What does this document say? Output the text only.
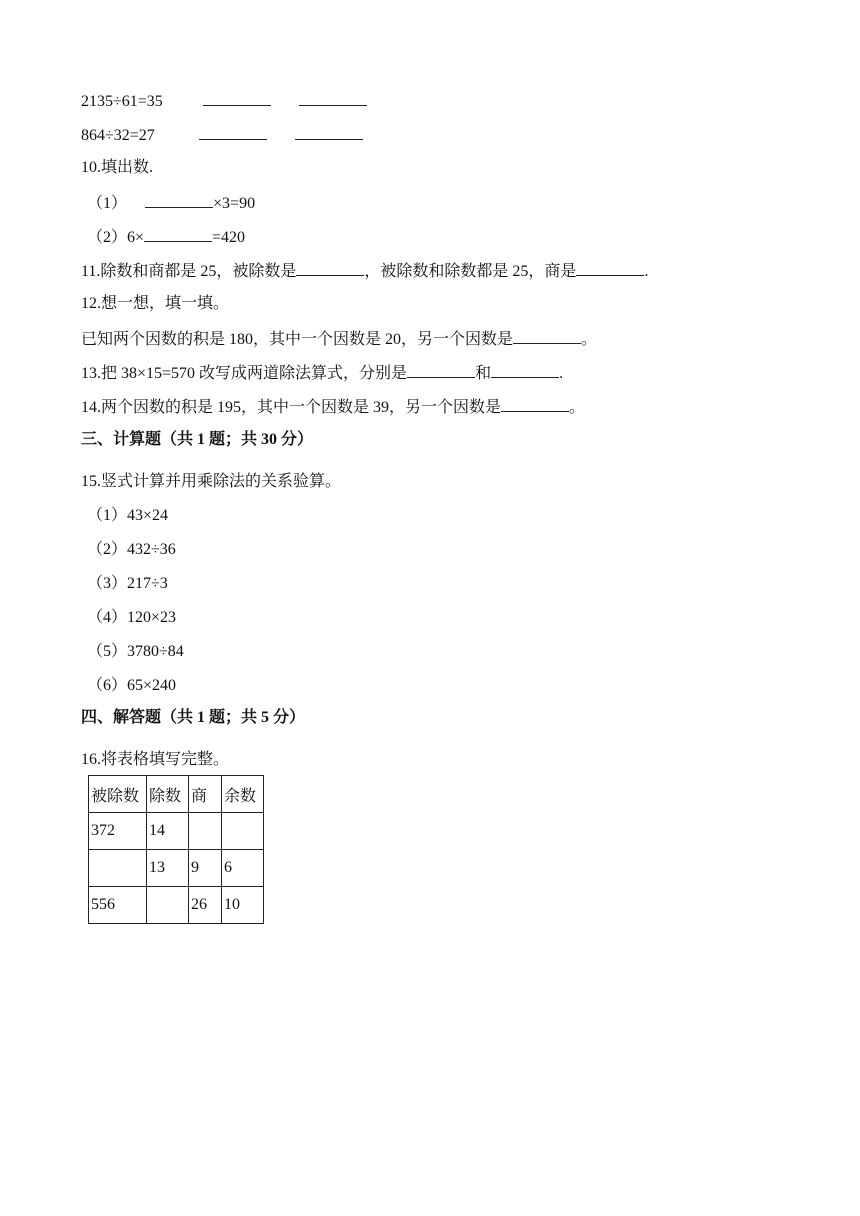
2135÷61=35
864÷32=27
10.填出数.
（1）	×3=90
（2）6×	=420
11.除数和商都是 25，被除数是	，被除数和除数都是 25，商是	.
12.想一想，填一填。
已知两个因数的积是 180，其中一个因数是 20，另一个因数是	。
13.把 38×15=570 改写成两道除法算式，分别是	和	.
14.两个因数的积是 195，其中一个因数是 39，另一个因数是	。
三、计算题（共 1 题；共 30 分）
15.竖式计算并用乘除法的关系验算。
（1）43×24
（2）432÷36
（3）217÷3
（4）120×23
（5）3780÷84
（6）65×240
四、解答题（共 1 题；共 5 分）
16.将表格填写完整。
被除数	除数	商	余数
372	14		
	13	9	6
556		26	10
